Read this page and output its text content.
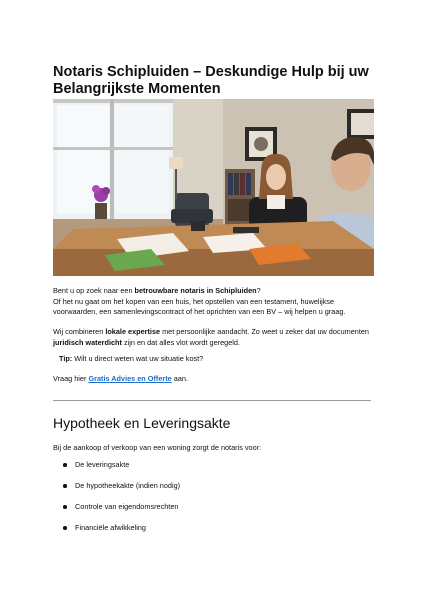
Notaris Schipluiden – Deskundige Hulp bij uw Belangrijkste Momenten

Bent u op zoek naar een betrouwbare notaris in Schipluiden?
Of het nu gaat om het kopen van een huis, het opstellen van een testament, huwelijkse voorwaarden, een samenlevingscontract of het oprichten van een BV – wij helpen u graag.

Wij combineren lokale expertise met persoonlijke aandacht. Zo weet u zeker dat uw documenten juridisch waterdicht zijn en dat alles vlot wordt geregeld.

Tip: Wilt u direct weten wat uw situatie kost?

Vraag hier Gratis Advies en Offerte aan.

Hypotheek en Leveringsakte

Bij de aankoop of verkoop van een woning zorgt de notaris voor:

De leveringsakte
De hypotheekakte (indien nodig)
Controle van eigendomsrechten
Financiële afwikkeling
